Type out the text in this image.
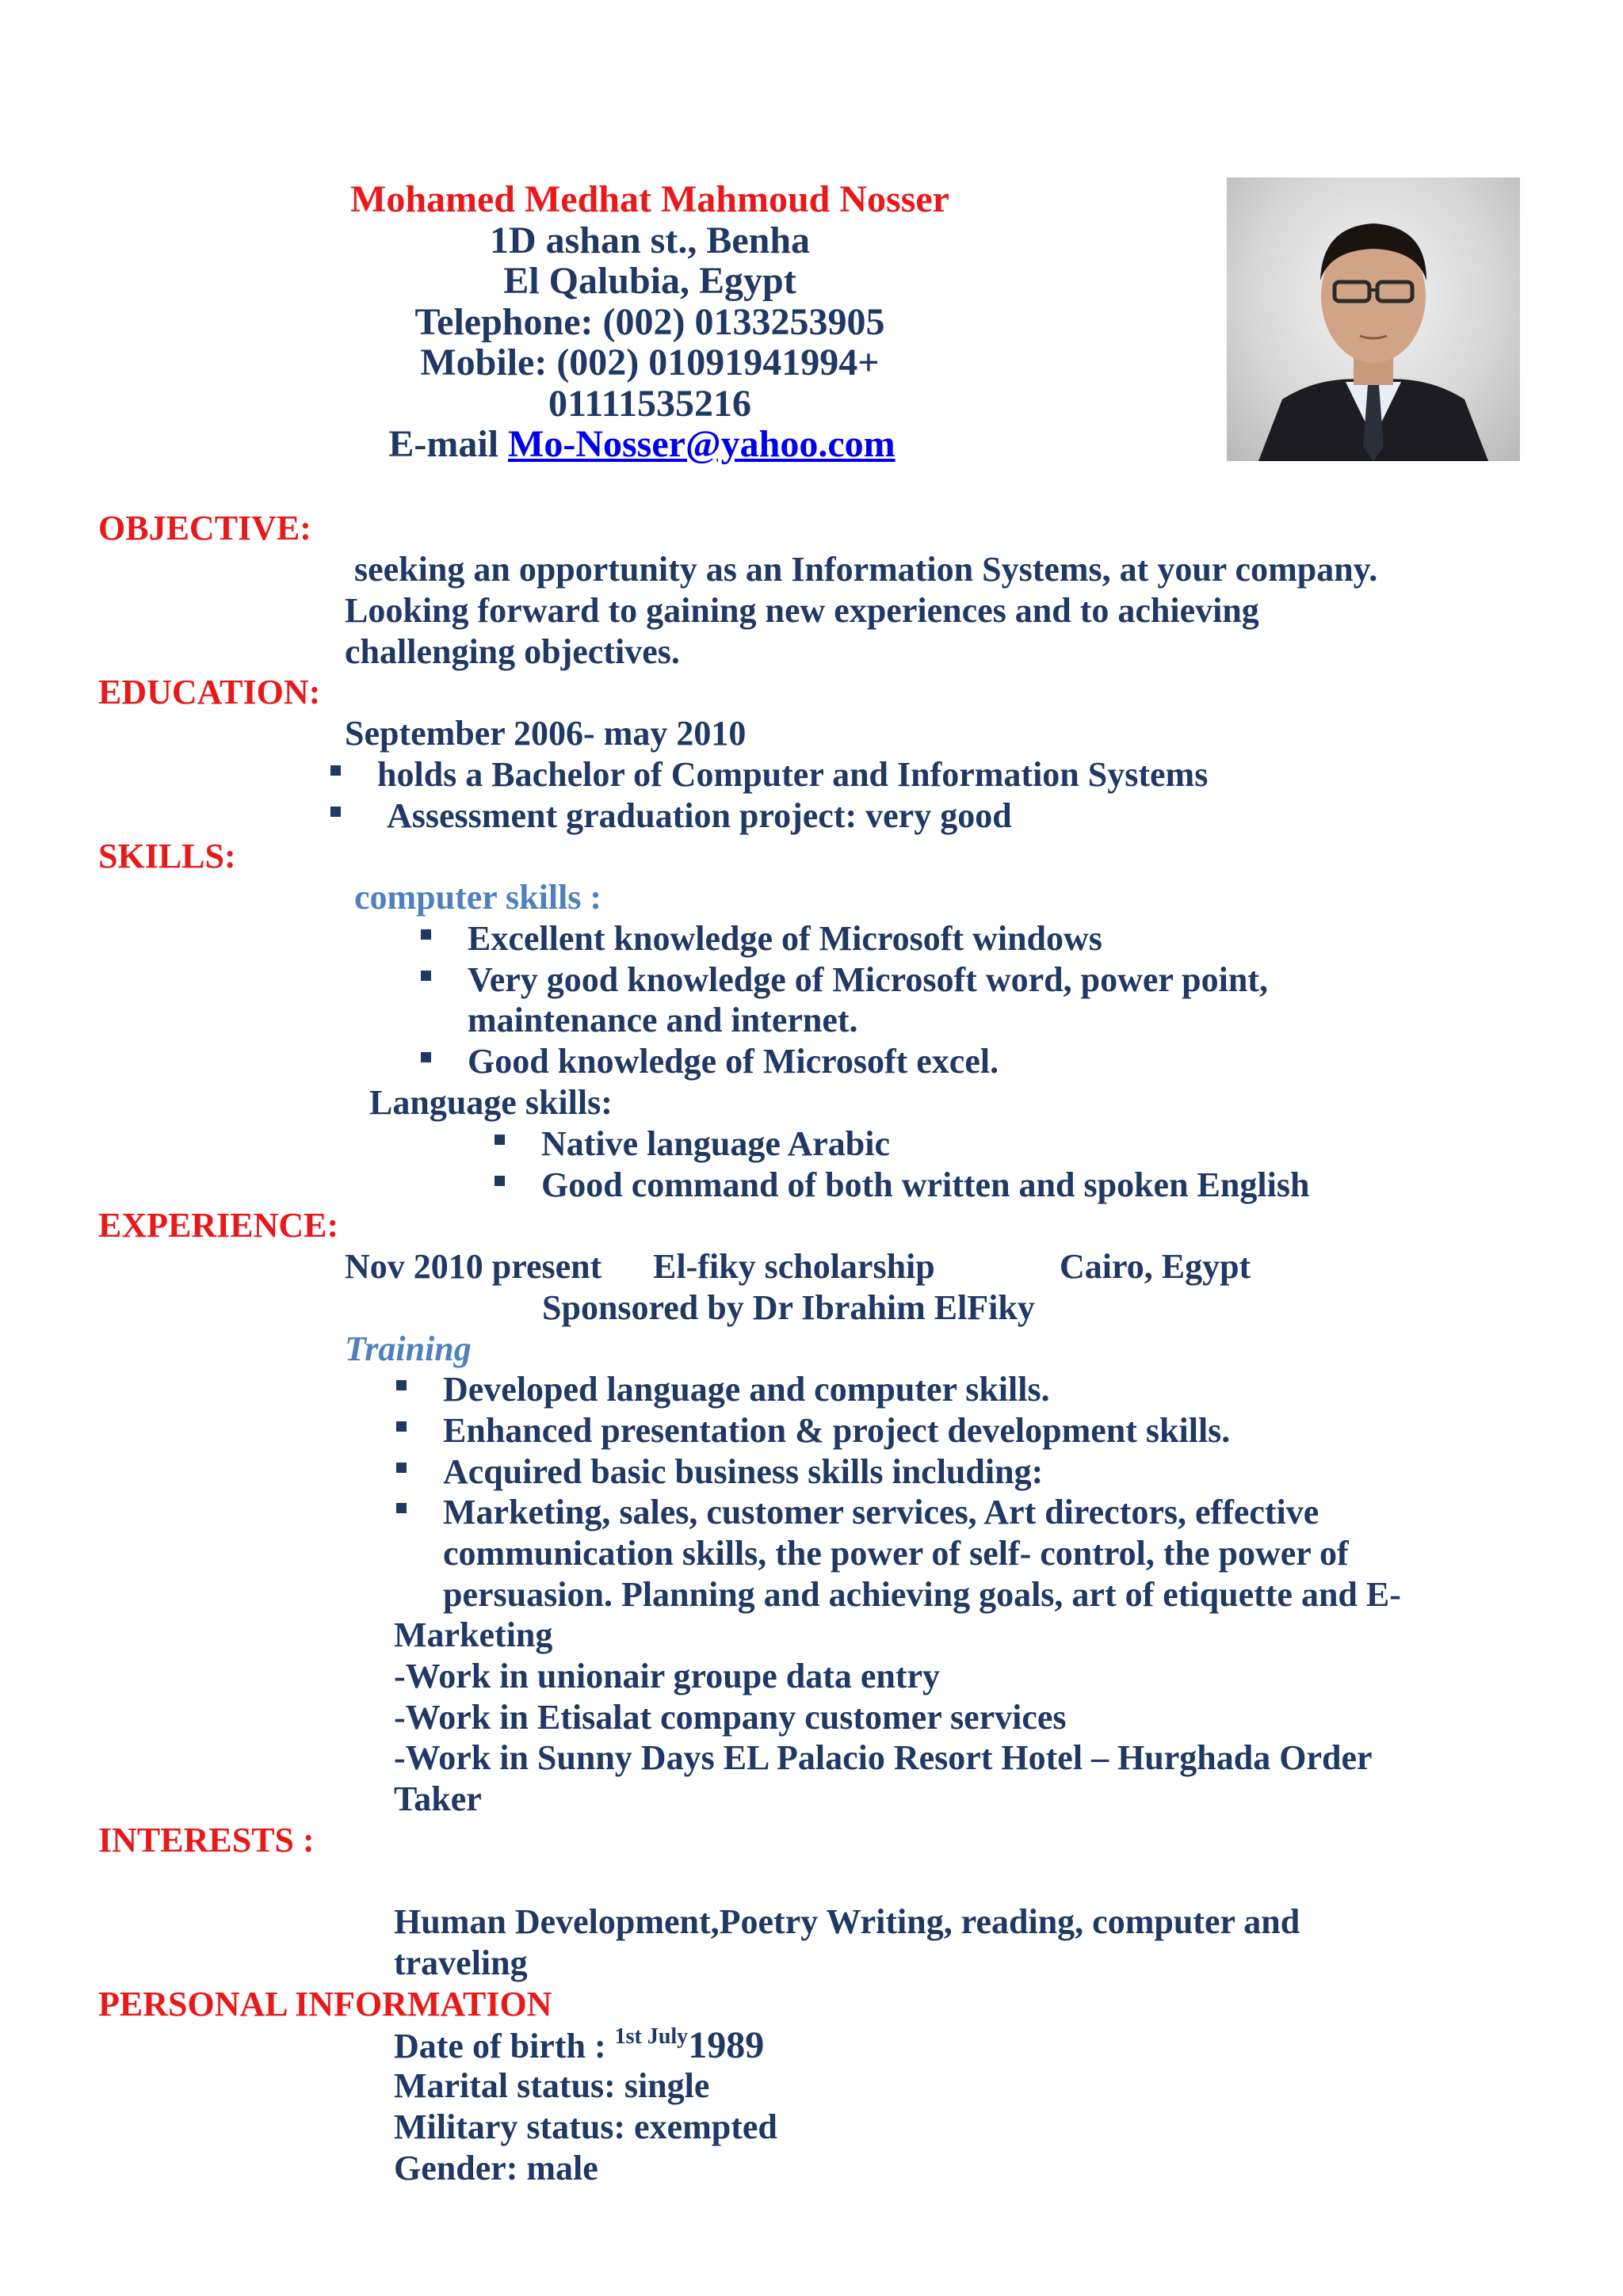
Mohamed Medhat Mahmoud Nosser
1D ashan st., Benha
El Qalubia, Egypt
Telephone: (002) 0133253905
Mobile: (002) 01091941994+
01111535216
E-mail Mo-Nosser@yahoo.com
OBJECTIVE:
seeking an opportunity as an Information Systems, at your company.
Looking forward to gaining new experiences and to achieving
challenging objectives.
EDUCATION:
September 2006- may 2010
holds a Bachelor of Computer and Information Systems
Assessment graduation project: very good
SKILLS:
computer skills :
Excellent knowledge of Microsoft windows
Very good knowledge of Microsoft word, power point,
maintenance and internet.
Good knowledge of Microsoft excel.
Language skills:
Native language Arabic
Good command of both written and spoken English
EXPERIENCE:
Nov 2010 present El-fiky scholarship	Cairo, Egypt
Sponsored by Dr Ibrahim ElFiky
Training
Developed language and computer skills.
Enhanced presentation & project development skills.
Acquired basic business skills including:
Marketing, sales, customer services, Art directors, effective
communication skills, the power of self- control, the power of
persuasion. Planning and achieving goals, art of etiquette and E-
Marketing
-Work in unionair groupe data entry
-Work in Etisalat company customer services
-Work in Sunny Days EL Palacio Resort Hotel – Hurghada Order
Taker
INTERESTS :
Human Development,Poetry Writing, reading, computer and
traveling
PERSONAL INFORMATION
Date of birth : $^{1st July}$1989
Marital status: single
Military status: exempted
Gender: male
